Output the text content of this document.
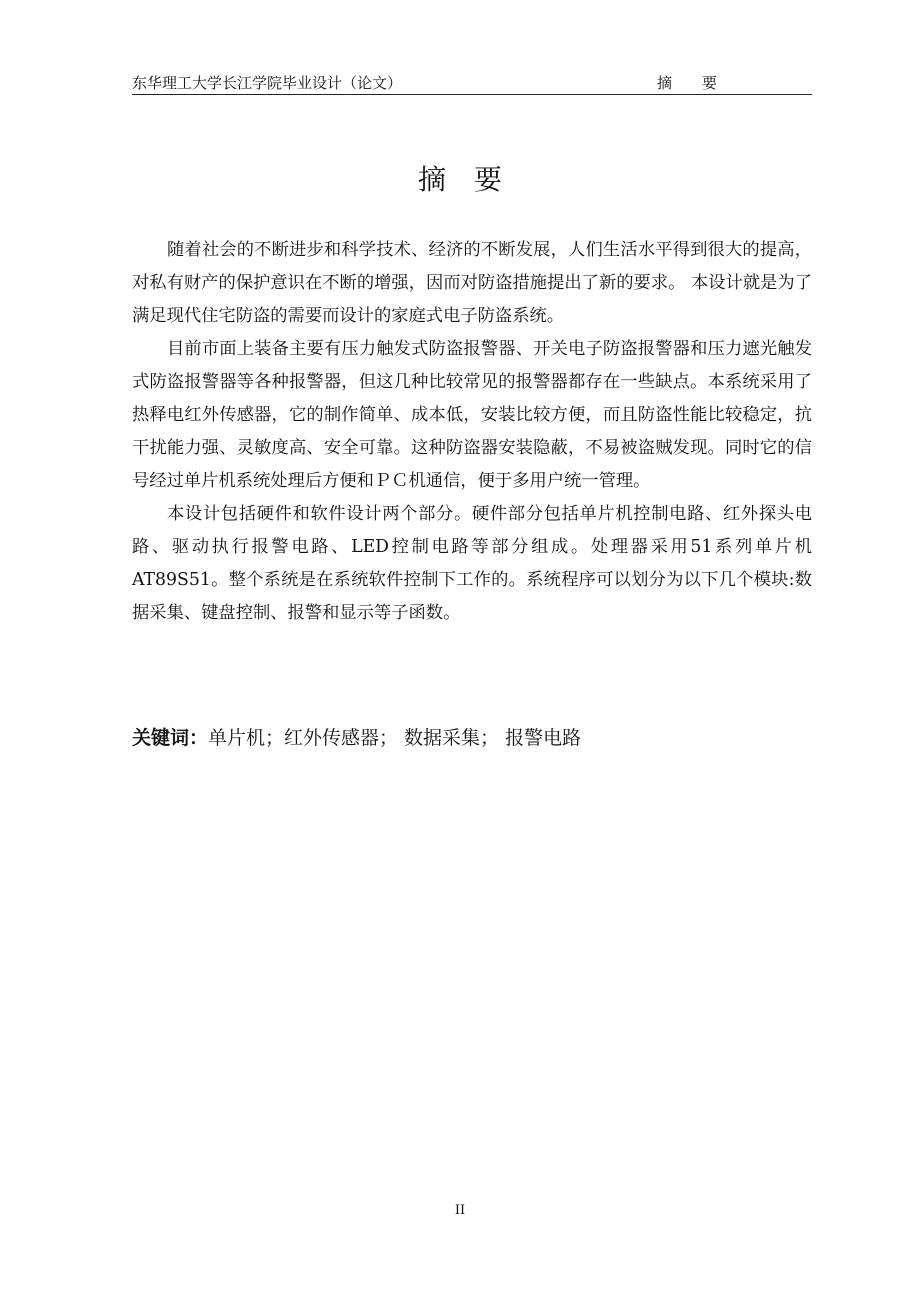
东华理工大学长江学院毕业设计（论文）	摘要
摘要

随着社会的不断进步和科学技术、经济的不断发展，人们生活水平得到很大的提高，对私有财产的保护意识在不断的增强，因而对防盗措施提出了新的要求。 本设计就是为了满足现代住宅防盗的需要而设计的家庭式电子防盗系统。

目前市面上装备主要有压力触发式防盗报警器、开关电子防盗报警器和压力遮光触发式防盗报警器等各种报警器，但这几种比较常见的报警器都存在一些缺点。本系统采用了热释电红外传感器，它的制作简单、成本低，安装比较方便，而且防盗性能比较稳定，抗干扰能力强、灵敏度高、安全可靠。这种防盗器安装隐蔽，不易被盗贼发现。同时它的信号经过单片机系统处理后方便和ＰＣ机通信，便于多用户统一管理。

本设计包括硬件和软件设计两个部分。硬件部分包括单片机控制电路、红外探头电路、驱动执行报警电路、LED控制电路等部分组成。处理器采用51系列单片机AT89S51。整个系统是在系统软件控制下工作的。系统程序可以划分为以下几个模块:数据采集、键盘控制、报警和显示等子函数。

关键词：单片机；红外传感器； 数据采集； 报警电路
II
